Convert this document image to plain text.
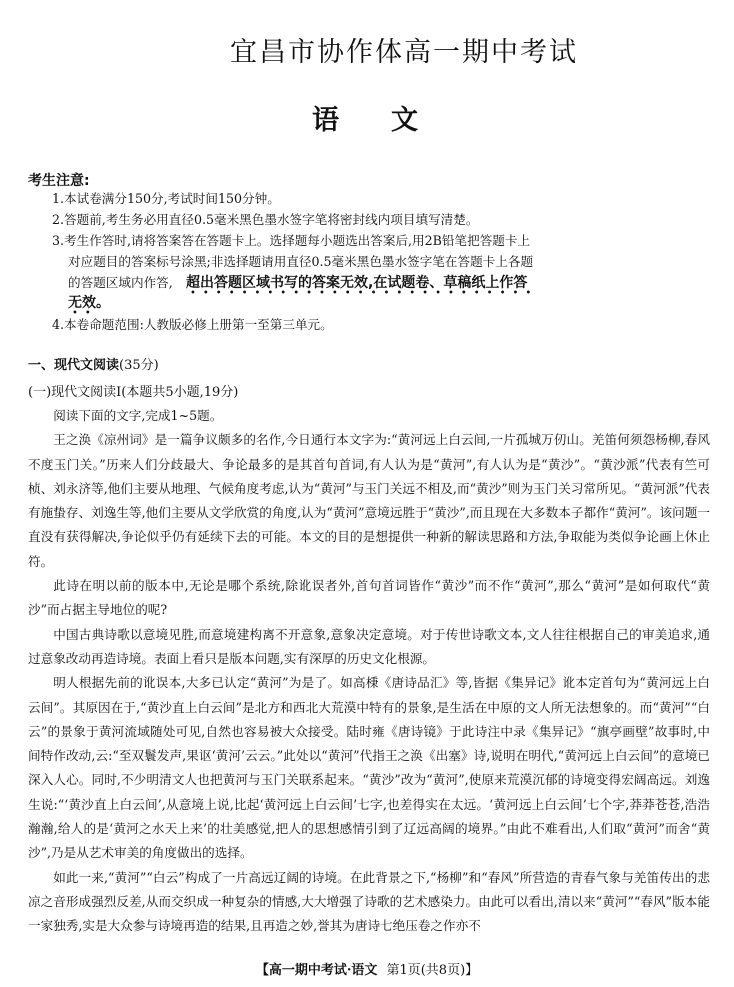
宜昌市协作体高一期中考试
语文
考生注意:
1.本试卷满分150分,考试时间150分钟。
2.答题前,考生务必用直径0.5毫米黑色墨水签字笔将密封线内项目填写清楚。
3.考生作答时,请将答案答在答题卡上。选择题每小题选出答案后,用2B铅笔把答题卡上
对应题目的答案标号涂黑;非选择题请用直径0.5毫米黑色墨水签字笔在答题卡上各题
的答题区域内作答, 超出答题区域书写的答案无效,在试题卷、草稿纸上作答
•••••••••••••••••••••••••••
无效。
••
4.本卷命题范围:人教版必修上册第一至第三单元。
一、现代文阅读(35分)
(一)现代文阅读Ⅰ(本题共5小题,19分)

阅读下面的文字,完成1~5题。

王之涣《凉州词》是一篇争议颇多的名作,今日通行本文字为:“黄河远上白云间,一片孤城万仞山。羌笛何须怨杨柳,春风不度玉门关。”历来人们分歧最大、争论最多的是其首句首词,有人认为是“黄河”,有人认为是“黄沙”。“黄沙派”代表有竺可桢、刘永济等,他们主要从地理、气候角度考虑,认为“黄河”与玉门关远不相及,而“黄沙”则为玉门关习常所见。“黄河派”代表有施蛰存、刘逸生等,他们主要从文学欣赏的角度,认为“黄河”意境远胜于“黄沙”,而且现在大多数本子都作“黄河”。该问题一直没有获得解决,争论似乎仍有延续下去的可能。本文的目的是想提供一种新的解读思路和方法,争取能为类似争论画上休止符。

此诗在明以前的版本中,无论是哪个系统,除讹误者外,首句首词皆作“黄沙”而不作“黄河”,那么“黄河”是如何取代“黄沙”而占据主导地位的呢?

中国古典诗歌以意境见胜,而意境建构离不开意象,意象决定意境。对于传世诗歌文本,文人往往根据自己的审美追求,通过意象改动再造诗境。表面上看只是版本问题,实有深厚的历史文化根源。

明人根据先前的讹误本,大多已认定“黄河”为是了。如高棅《唐诗品汇》等,皆据《集异记》讹本定首句为“黄河远上白云间”。其原因在于,“黄沙直上白云间”是北方和西北大荒漠中特有的景象,是生活在中原的文人所无法想象的。而“黄河”“白云”的景象于黄河流域随处可见,自然也容易被大众接受。陆时雍《唐诗镜》于此诗注中录《集异记》“旗亭画壁”故事时,中间特作改动,云:“至双鬟发声,果讴‘黄河’云云。”此处以“黄河”代指王之涣《出塞》诗,说明在明代,“黄河远上白云间”的意境已深入人心。同时,不少明清文人也把黄河与玉门关联系起来。“黄沙”改为“黄河”,使原来荒漠沉郁的诗境变得宏阔高远。刘逸生说:“‘黄沙直上白云间’,从意境上说,比起‘黄河远上白云间’七字,也差得实在太远。‘黄河远上白云间’七个字,莽莽苍苍,浩浩瀚瀚,给人的是‘黄河之水天上来’的壮美感觉,把人的思想感情引到了辽远高阔的境界。”由此不难看出,人们取“黄河”而舍“黄沙”,乃是从艺术审美的角度做出的选择。

如此一来,“黄河”“白云”构成了一片高远辽阔的诗境。在此背景之下,“杨柳”和“春风”所营造的青春气象与羌笛传出的悲凉之音形成强烈反差,从而交织成一种复杂的情感,大大增强了诗歌的艺术感染力。由此可以看出,清以来“黄河”“春风”版本能一家独秀,实是大众参与诗境再造的结果,且再造之妙,誉其为唐诗七绝压卷之作亦不

【高一期中考试·语文 第1页(共8页)】
